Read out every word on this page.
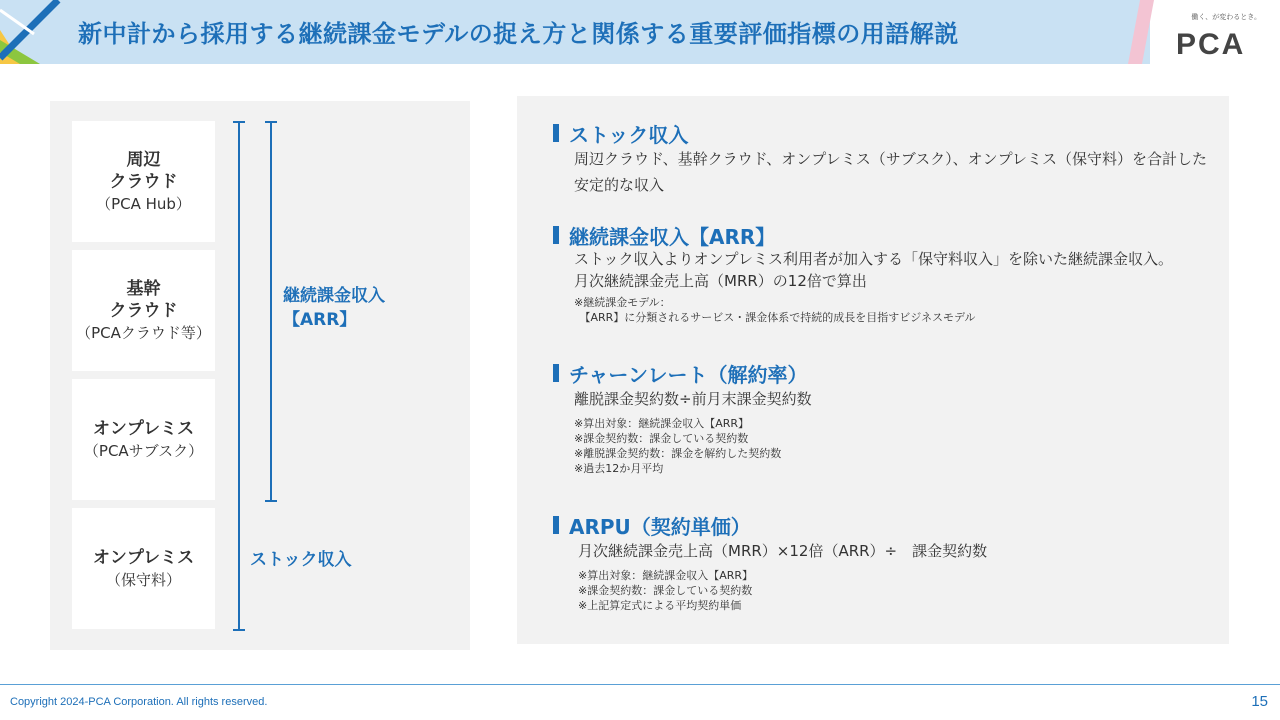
新中計から採用する継続課金モデルの捉え方と関係する重要評価指標の用語解説
働く、が変わるとき。
PCA
周辺
クラウド
（PCA Hub）
基幹
クラウド
（PCAクラウド等）
オンプレミス
（PCAサブスク）
オンプレミス
（保守料）
継続課金収入
【ARR】
ストック収入
ストック収入
周辺クラウド、基幹クラウド、オンプレミス（サブスク）、オンプレミス（保守料）を合計した
安定的な収入
継続課金収入【ARR】
ストック収入よりオンプレミス利用者が加入する「保守料収入」を除いた継続課金収入。
月次継続課金売上高（MRR）の12倍で算出
※継続課金モデル：
　【ARR】に分類されるサービス・課金体系で持続的成長を目指すビジネスモデル
チャーンレート（解約率）
離脱課金契約数÷前月末課金契約数
※算出対象：継続課金収入【ARR】
※課金契約数：課金している契約数
※離脱課金契約数：課金を解約した契約数
※過去12か月平均
ARPU（契約単価）
月次継続課金売上高（MRR）×12倍（ARR）÷　課金契約数
※算出対象：継続課金収入【ARR】
※課金契約数：課金している契約数
※上記算定式による平均契約単価
Copyright 2024-PCA Corporation. All rights reserved.	15
